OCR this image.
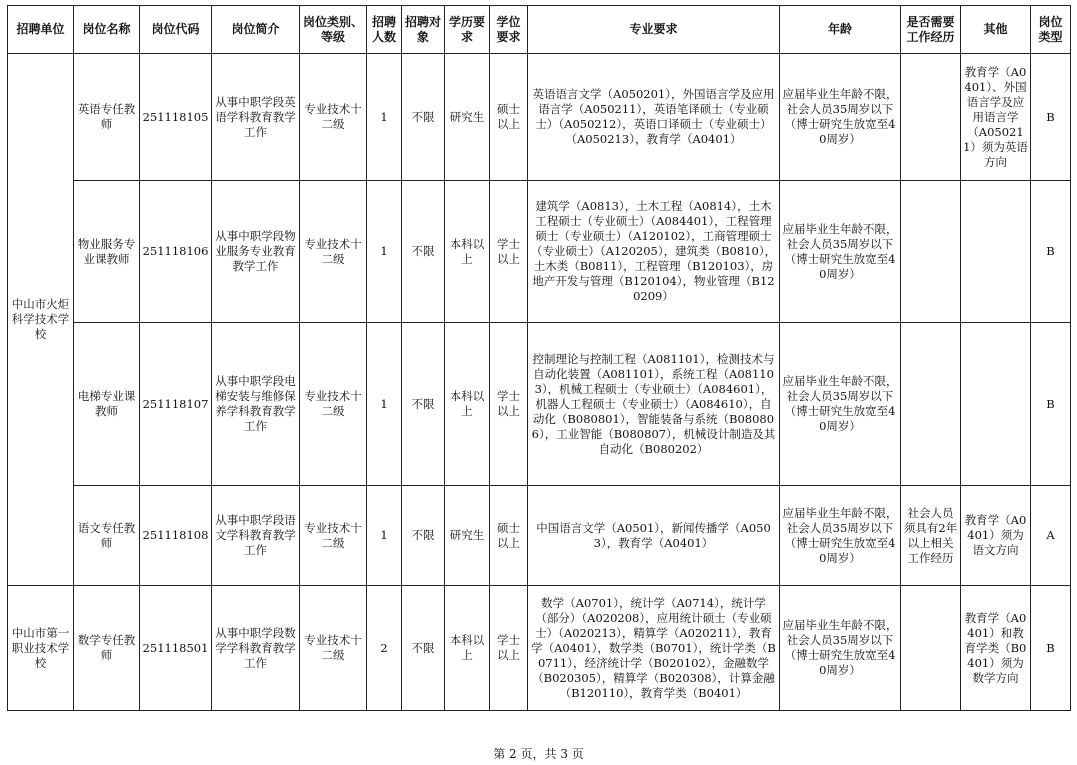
招聘单位	岗位名称	岗位代码	岗位简介	岗位类别、等级	招聘人数	招聘对象	学历要求	学位要求	专业要求	年龄	是否需要工作经历	其他	岗位类型
中山市火炬科学技术学校	英语专任教师	251118105	从事中职学段英语学科教育教学工作	专业技术十二级	1	不限	研究生	硕士以上	英语语言文学（A050201），外国语言学及应用语言学（A050211），英语笔译硕士（专业硕士）（A050212），英语口译硕士（专业硕士）（A050213），教育学（A0401）	应届毕业生年龄不限，社会人员35周岁以下（博士研究生放宽至40周岁）		教育学（A0401）、外国语言学及应用语言学（A050211）须为英语方向	B
	物业服务专业课教师	251118106	从事中职学段物业服务专业教育教学工作	专业技术十二级	1	不限	本科以上	学士以上	建筑学（A0813），土木工程（A0814），土木工程硕士（专业硕士）（A084401），工程管理硕士（专业硕士）（A120102），工商管理硕士（专业硕士）（A120205），建筑类（B0810），土木类（B0811），工程管理（B120103），房地产开发与管理（B120104），物业管理（B120209）	应届毕业生年龄不限，社会人员35周岁以下（博士研究生放宽至40周岁）			B
	电梯专业课教师	251118107	从事中职学段电梯安装与维修保养学科教育教学工作	专业技术十二级	1	不限	本科以上	学士以上	控制理论与控制工程（A081101），检测技术与自动化装置（A081101），系统工程（A081103），机械工程硕士（专业硕士）（A084601），机器人工程硕士（专业硕士）（A084610），自动化（B080801），智能装备与系统（B080806），工业智能（B080807），机械设计制造及其自动化（B080202）	应届毕业生年龄不限，社会人员35周岁以下（博士研究生放宽至40周岁）			B
	语文专任教师	251118108	从事中职学段语文学科教育教学工作	专业技术十二级	1	不限	研究生	硕士以上	中国语言文学（A0501），新闻传播学（A0503），教育学（A0401）	应届毕业生年龄不限，社会人员35周岁以下（博士研究生放宽至40周岁）	社会人员须具有2年以上相关工作经历	教育学（A0401）须为语文方向	A
中山市第一职业技术学校	数学专任教师	251118501	从事中职学段数学学科教育教学工作	专业技术十二级	2	不限	本科以上	学士以上	数学（A0701），统计学（A0714），统计学（部分）（A020208），应用统计硕士（专业硕士）（A020213），精算学（A020211），教育学（A0401），数学类（B0701），统计学类（B0711），经济统计学（B020102），金融数学（B020305），精算学（B020308），计算金融（B120110），教育学类（B0401）	应届毕业生年龄不限，社会人员35周岁以下（博士研究生放宽至40周岁）		教育学（A0401）和教育学类（B0401）须为数学方向	B
第 2 页，共 3 页
